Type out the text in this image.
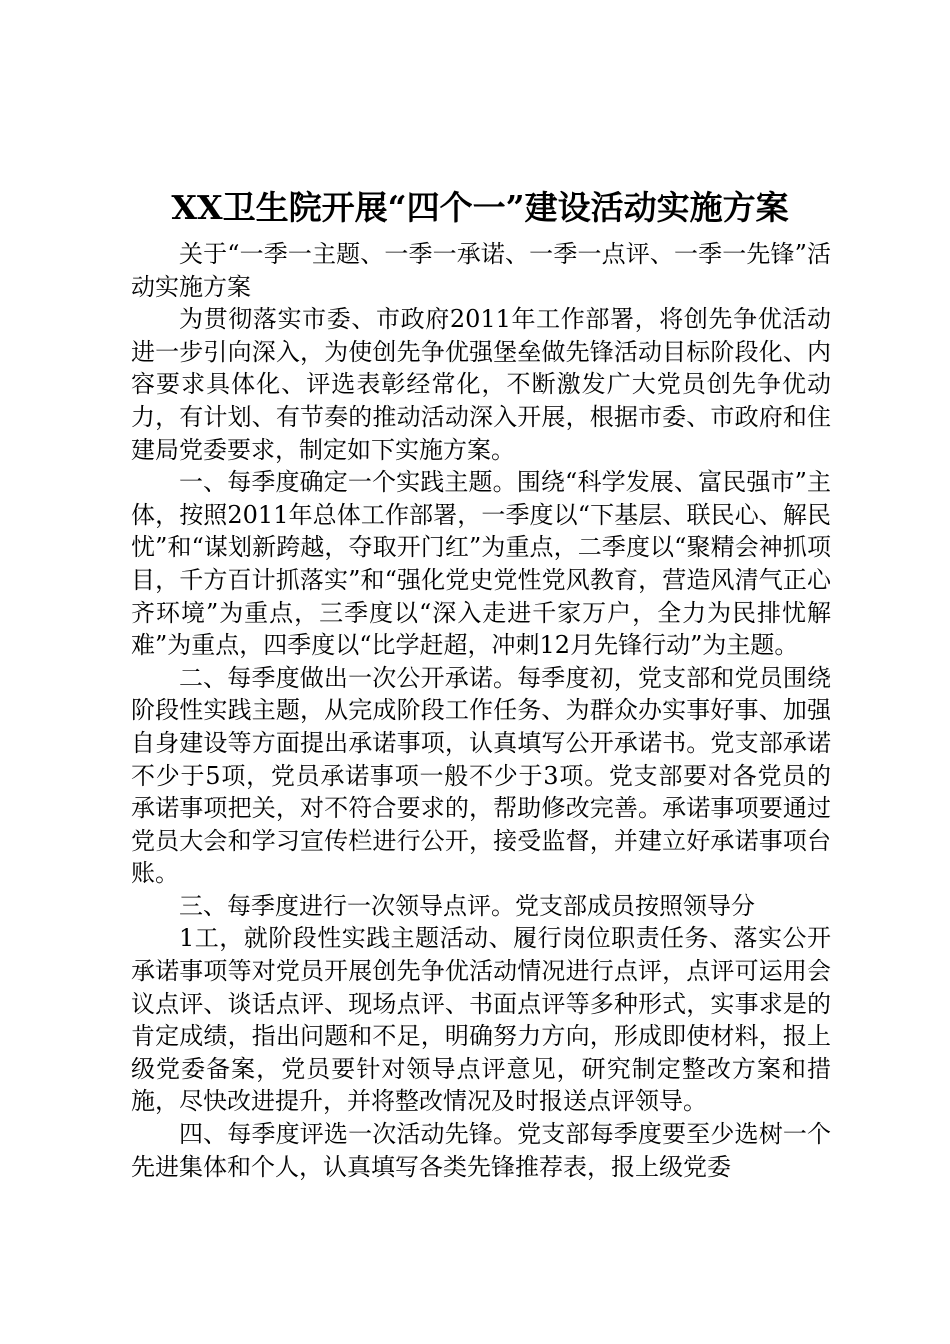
XX卫生院开展“四个一”建设活动实施方案

关于“一季一主题、一季一承诺、一季一点评、一季一先锋”活动实施方案

为贯彻落实市委、市政府2011年工作部署，将创先争优活动进一步引向深入，为使创先争优强堡垒做先锋活动目标阶段化、内容要求具体化、评选表彰经常化，不断激发广大党员创先争优动力，有计划、有节奏的推动活动深入开展，根据市委、市政府和住建局党委要求，制定如下实施方案。

一、每季度确定一个实践主题。围绕“科学发展、富民强市”主体，按照2011年总体工作部署，一季度以“下基层、联民心、解民忧”和“谋划新跨越，夺取开门红”为重点，二季度以“聚精会神抓项目，千方百计抓落实”和“强化党史党性党风教育，营造风清气正心齐环境”为重点，三季度以“深入走进千家万户，全力为民排忧解难”为重点，四季度以“比学赶超，冲刺12月先锋行动”为主题。

二、每季度做出一次公开承诺。每季度初，党支部和党员围绕阶段性实践主题，从完成阶段工作任务、为群众办实事好事、加强自身建设等方面提出承诺事项，认真填写公开承诺书。党支部承诺不少于5项，党员承诺事项一般不少于3项。党支部要对各党员的承诺事项把关，对不符合要求的，帮助修改完善。承诺事项要通过党员大会和学习宣传栏进行公开，接受监督，并建立好承诺事项台账。

三、每季度进行一次领导点评。党支部成员按照领导分

1工，就阶段性实践主题活动、履行岗位职责任务、落实公开承诺事项等对党员开展创先争优活动情况进行点评，点评可运用会议点评、谈话点评、现场点评、书面点评等多种形式，实事求是的肯定成绩，指出问题和不足，明确努力方向，形成即使材料，报上级党委备案，党员要针对领导点评意见，研究制定整改方案和措施，尽快改进提升，并将整改情况及时报送点评领导。

四、每季度评选一次活动先锋。党支部每季度要至少选树一个先进集体和个人，认真填写各类先锋推荐表，报上级党委
